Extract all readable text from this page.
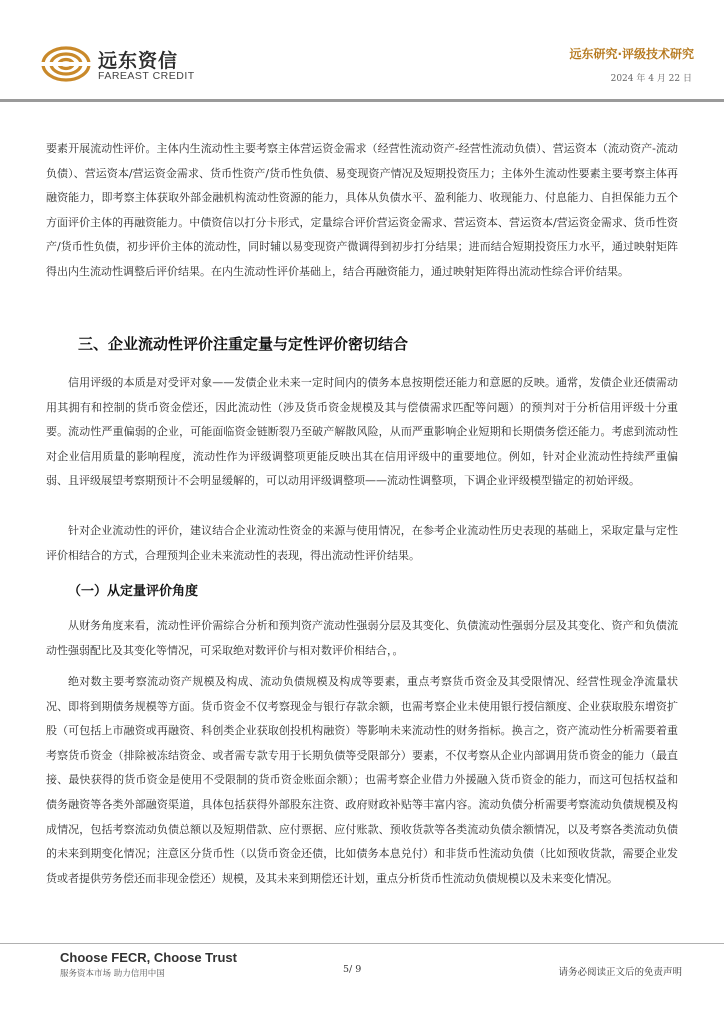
远东资信
FAREAST CREDIT
远东研究·评级技术研究
2024 年 4 月 22 日

要素开展流动性评价。主体内生流动性主要考察主体营运资金需求（经营性流动资产-经营性流动负债）、营运资本（流动资产-流动负债）、营运资本/营运资金需求、货币性资产/货币性负债、易变现资产情况及短期投资压力；主体外生流动性要素主要考察主体再融资能力，即考察主体获取外部金融机构流动性资源的能力，具体从负债水平、盈利能力、收现能力、付息能力、自担保能力五个方面评价主体的再融资能力。中债资信以打分卡形式，定量综合评价营运资金需求、营运资本、营运资本/营运资金需求、货币性资产/货币性负债，初步评价主体的流动性，同时辅以易变现资产微调得到初步打分结果；进而结合短期投资压力水平，通过映射矩阵得出内生流动性调整后评价结果。在内生流动性评价基础上，结合再融资能力，通过映射矩阵得出流动性综合评价结果。

三、企业流动性评价注重定量与定性评价密切结合

信用评级的本质是对受评对象——发债企业未来一定时间内的债务本息按期偿还能力和意愿的反映。通常，发债企业还债需动用其拥有和控制的货币资金偿还，因此流动性（涉及货币资金规模及其与偿债需求匹配等问题）的预判对于分析信用评级十分重要。流动性严重偏弱的企业，可能面临资金链断裂乃至破产解散风险，从而严重影响企业短期和长期债务偿还能力。考虑到流动性对企业信用质量的影响程度，流动性作为评级调整项更能反映出其在信用评级中的重要地位。例如，针对企业流动性持续严重偏弱、且评级展望考察期预计不会明显缓解的，可以动用评级调整项——流动性调整项，下调企业评级模型锚定的初始评级。

针对企业流动性的评价，建议结合企业流动性资金的来源与使用情况，在参考企业流动性历史表现的基础上，采取定量与定性评价相结合的方式，合理预判企业未来流动性的表现，得出流动性评价结果。

（一）从定量评价角度

从财务角度来看，流动性评价需综合分析和预判资产流动性强弱分层及其变化、负债流动性强弱分层及其变化、资产和负债流动性强弱配比及其变化等情况，可采取绝对数评价与相对数评价相结合，。

绝对数主要考察流动资产规模及构成、流动负债规模及构成等要素，重点考察货币资金及其受限情况、经营性现金净流量状况、即将到期债务规模等方面。货币资金不仅考察现金与银行存款余额，也需考察企业未使用银行授信额度、企业获取股东增资扩股（可包括上市融资或再融资、科创类企业获取创投机构融资）等影响未来流动性的财务指标。换言之，资产流动性分析需要着重考察货币资金（排除被冻结资金、或者需专款专用于长期负债等受限部分）要素，不仅考察从企业内部调用货币资金的能力（最直接、最快获得的货币资金是使用不受限制的货币资金账面余额）；也需考察企业借力外援融入货币资金的能力，而这可包括权益和债务融资等各类外部融资渠道，具体包括获得外部股东注资、政府财政补贴等丰富内容。流动负债分析需要考察流动负债规模及构成情况，包括考察流动负债总额以及短期借款、应付票据、应付账款、预收货款等各类流动负债余额情况，以及考察各类流动负债的未来到期变化情况；注意区分货币性（以货币资金还债，比如债务本息兑付）和非货币性流动负债（比如预收货款，需要企业发货或者提供劳务偿还而非现金偿还）规模，及其未来到期偿还计划，重点分析货币性流动负债规模以及未来变化情况。

Choose FECR, Choose Trust
服务资本市场 助力信用中国	5/ 9	请务必阅读正文后的免责声明
